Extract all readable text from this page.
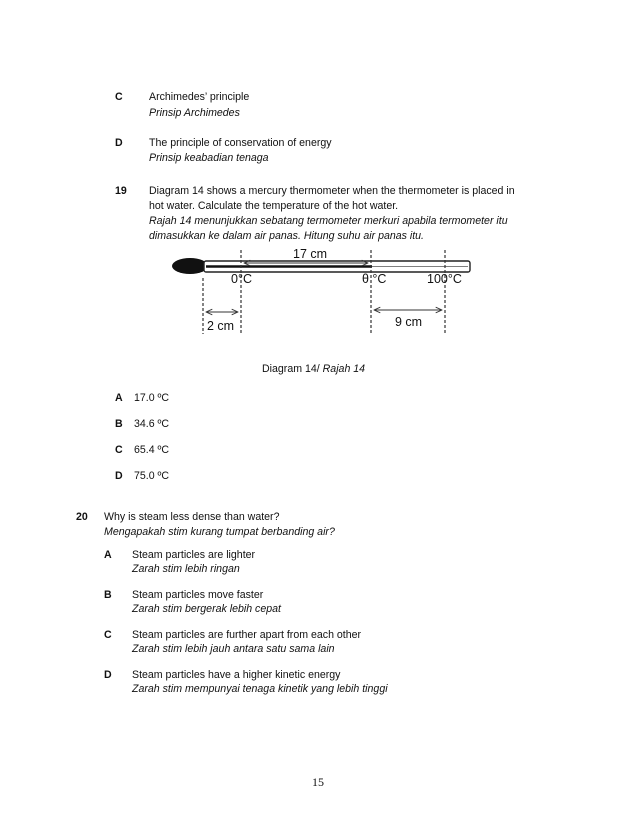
C Archimedes’ principle
Prinsip Archimedes
D The principle of conservation of energy
Prinsip keabadian tenaga
19 Diagram 14 shows a mercury thermometer when the thermometer is placed in
hot water. Calculate the temperature of the hot water.
Rajah 14 menunjukkan sebatang termometer merkuri apabila termometer itu
dimasukkan ke dalam air panas. Hitung suhu air panas itu.
17 cm
0°C	θ °C	100°C
2 cm	9 cm
Diagram 14/ Rajah 14
A 17.0 ºC
B 34.6 ºC
C 65.4 ºC
D 75.0 ºC
20 Why is steam less dense than water?
Mengapakah stim kurang tumpat berbanding air?
A Steam particles are lighter
Zarah stim lebih ringan
B Steam particles move faster
Zarah stim bergerak lebih cepat
C Steam particles are further apart from each other
Zarah stim lebih jauh antara satu sama lain
D Steam particles have a higher kinetic energy
Zarah stim mempunyai tenaga kinetik yang lebih tinggi
15
